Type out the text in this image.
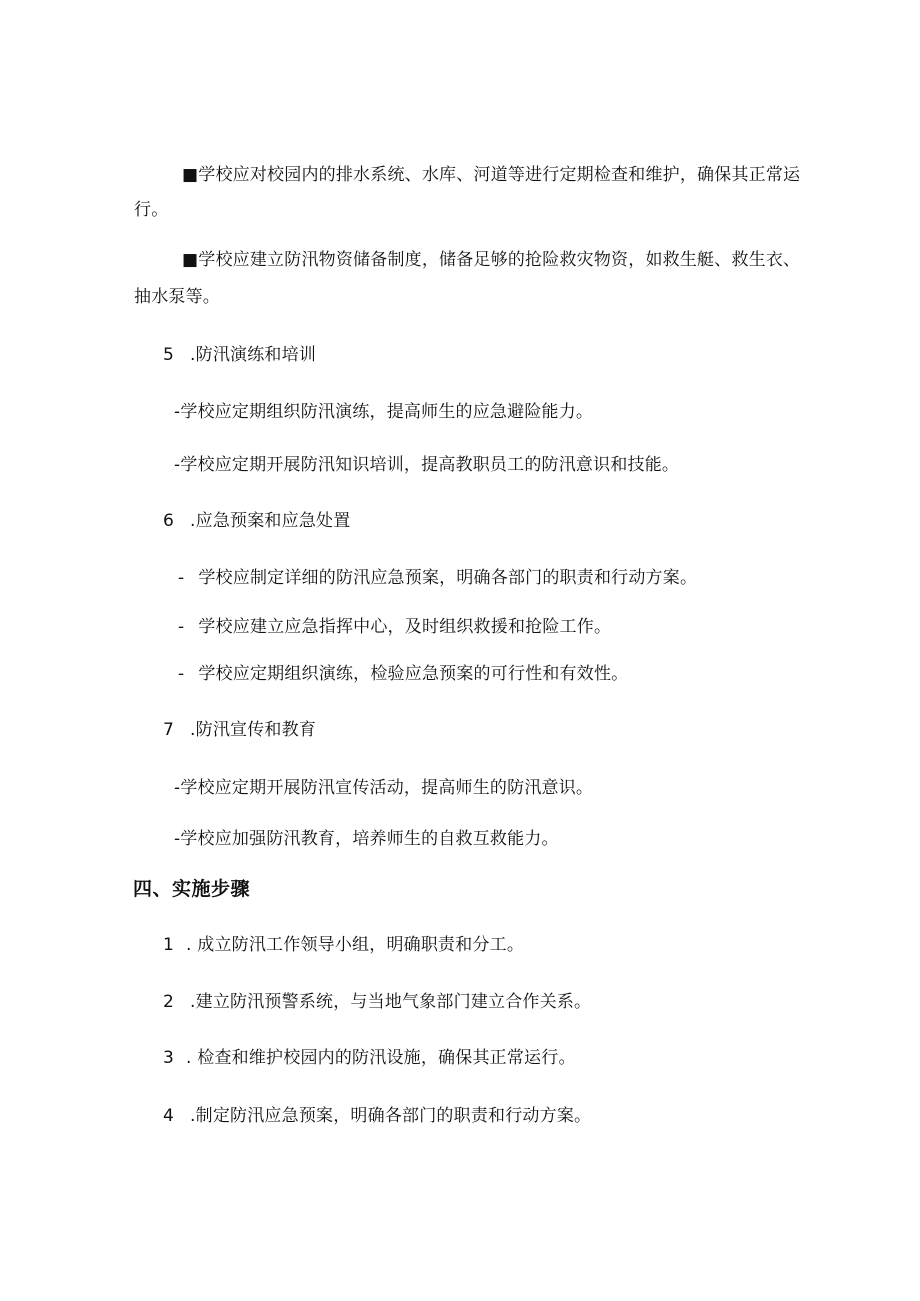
■学校应对校园内的排水系统、水库、河道等进行定期检查和维护，确保其正常运
行。
■学校应建立防汛物资储备制度，储备足够的抢险救灾物资，如救生艇、救生衣、
抽水泵等。
5 .防汛演练和培训
-学校应定期组织防汛演练，提高师生的应急避险能力。
-学校应定期开展防汛知识培训，提高教职员工的防汛意识和技能。
6 .应急预案和应急处置
- 学校应制定详细的防汛应急预案，明确各部门的职责和行动方案。
- 学校应建立应急指挥中心，及时组织救援和抢险工作。
- 学校应定期组织演练，检验应急预案的可行性和有效性。
7 .防汛宣传和教育
-学校应定期开展防汛宣传活动，提高师生的防汛意识。
-学校应加强防汛教育，培养师生的自救互救能力。
四、实施步骤
1 . 成立防汛工作领导小组，明确职责和分工。
2 .建立防汛预警系统，与当地气象部门建立合作关系。
3 . 检查和维护校园内的防汛设施，确保其正常运行。
4 .制定防汛应急预案，明确各部门的职责和行动方案。
